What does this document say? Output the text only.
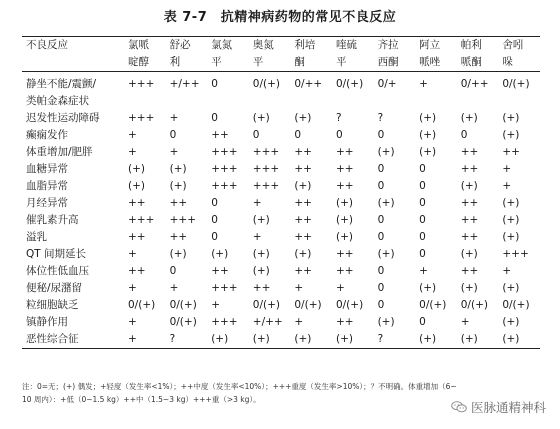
表 7-7　抗精神病药物的常见不良反应
不良反应	氯哌	舒必	氯氮	奥氮	利培	喹硫	齐拉	阿立	帕利	舍吲
	啶醇	利	平	平	酮	平	西酮	哌唑	哌酮	哚
静坐不能/震颤/	+++	+/++	0	0/(+)	0/++	0/(+)	0/+	+	0/++	0/(+)
类帕金森症状										
迟发性运动障碍	+++	+	0	(+)	(+)	?	?	(+)	(+)	(+)
癫痫发作	+	0	++	0	0	0	0	(+)	0	(+)
体重增加/肥胖	+	+	+++	+++	++	++	(+)	(+)	++	++
血糖异常	(+)	(+)	+++	+++	++	++	0	0	++	+
血脂异常	(+)	(+)	+++	+++	(+)	++	0	0	(+)	+
月经异常	++	++	0	+	++	(+)	(+)	0	++	(+)
催乳素升高	+++	+++	0	(+)	++	(+)	0	0	++	(+)
溢乳	++	++	0	+	++	(+)	0	0	++	(+)
QT 间期延长	+	(+)	(+)	(+)	(+)	++	(+)	0	(+)	+++
体位性低血压	++	0	++	(+)	++	++	0	+	++	+
便秘/尿潴留	+	+	+++	++	+	+	0	(+)	(+)	(+)
粒细胞缺乏	0/(+)	0/(+)	+	0/(+)	0/(+)	0/(+)	0	0/(+)	0/(+)	0/(+)
镇静作用	+	0/(+)	+++	+/++	+	++	(+)	0	+	(+)
恶性综合征	+	?	(+)	(+)	(+)	(+)	?	(+)	(+)	(+)
注：0=无；(+) 偶发；+轻度（发生率<1%）；++中度（发生率<10%）；+++重度（发生率>10%）；？不明确。体重增加（6~
10 周内）：+低（0~1.5 kg）++中（1.5~3 kg）+++重（>3 kg）。
医脉通精神科
